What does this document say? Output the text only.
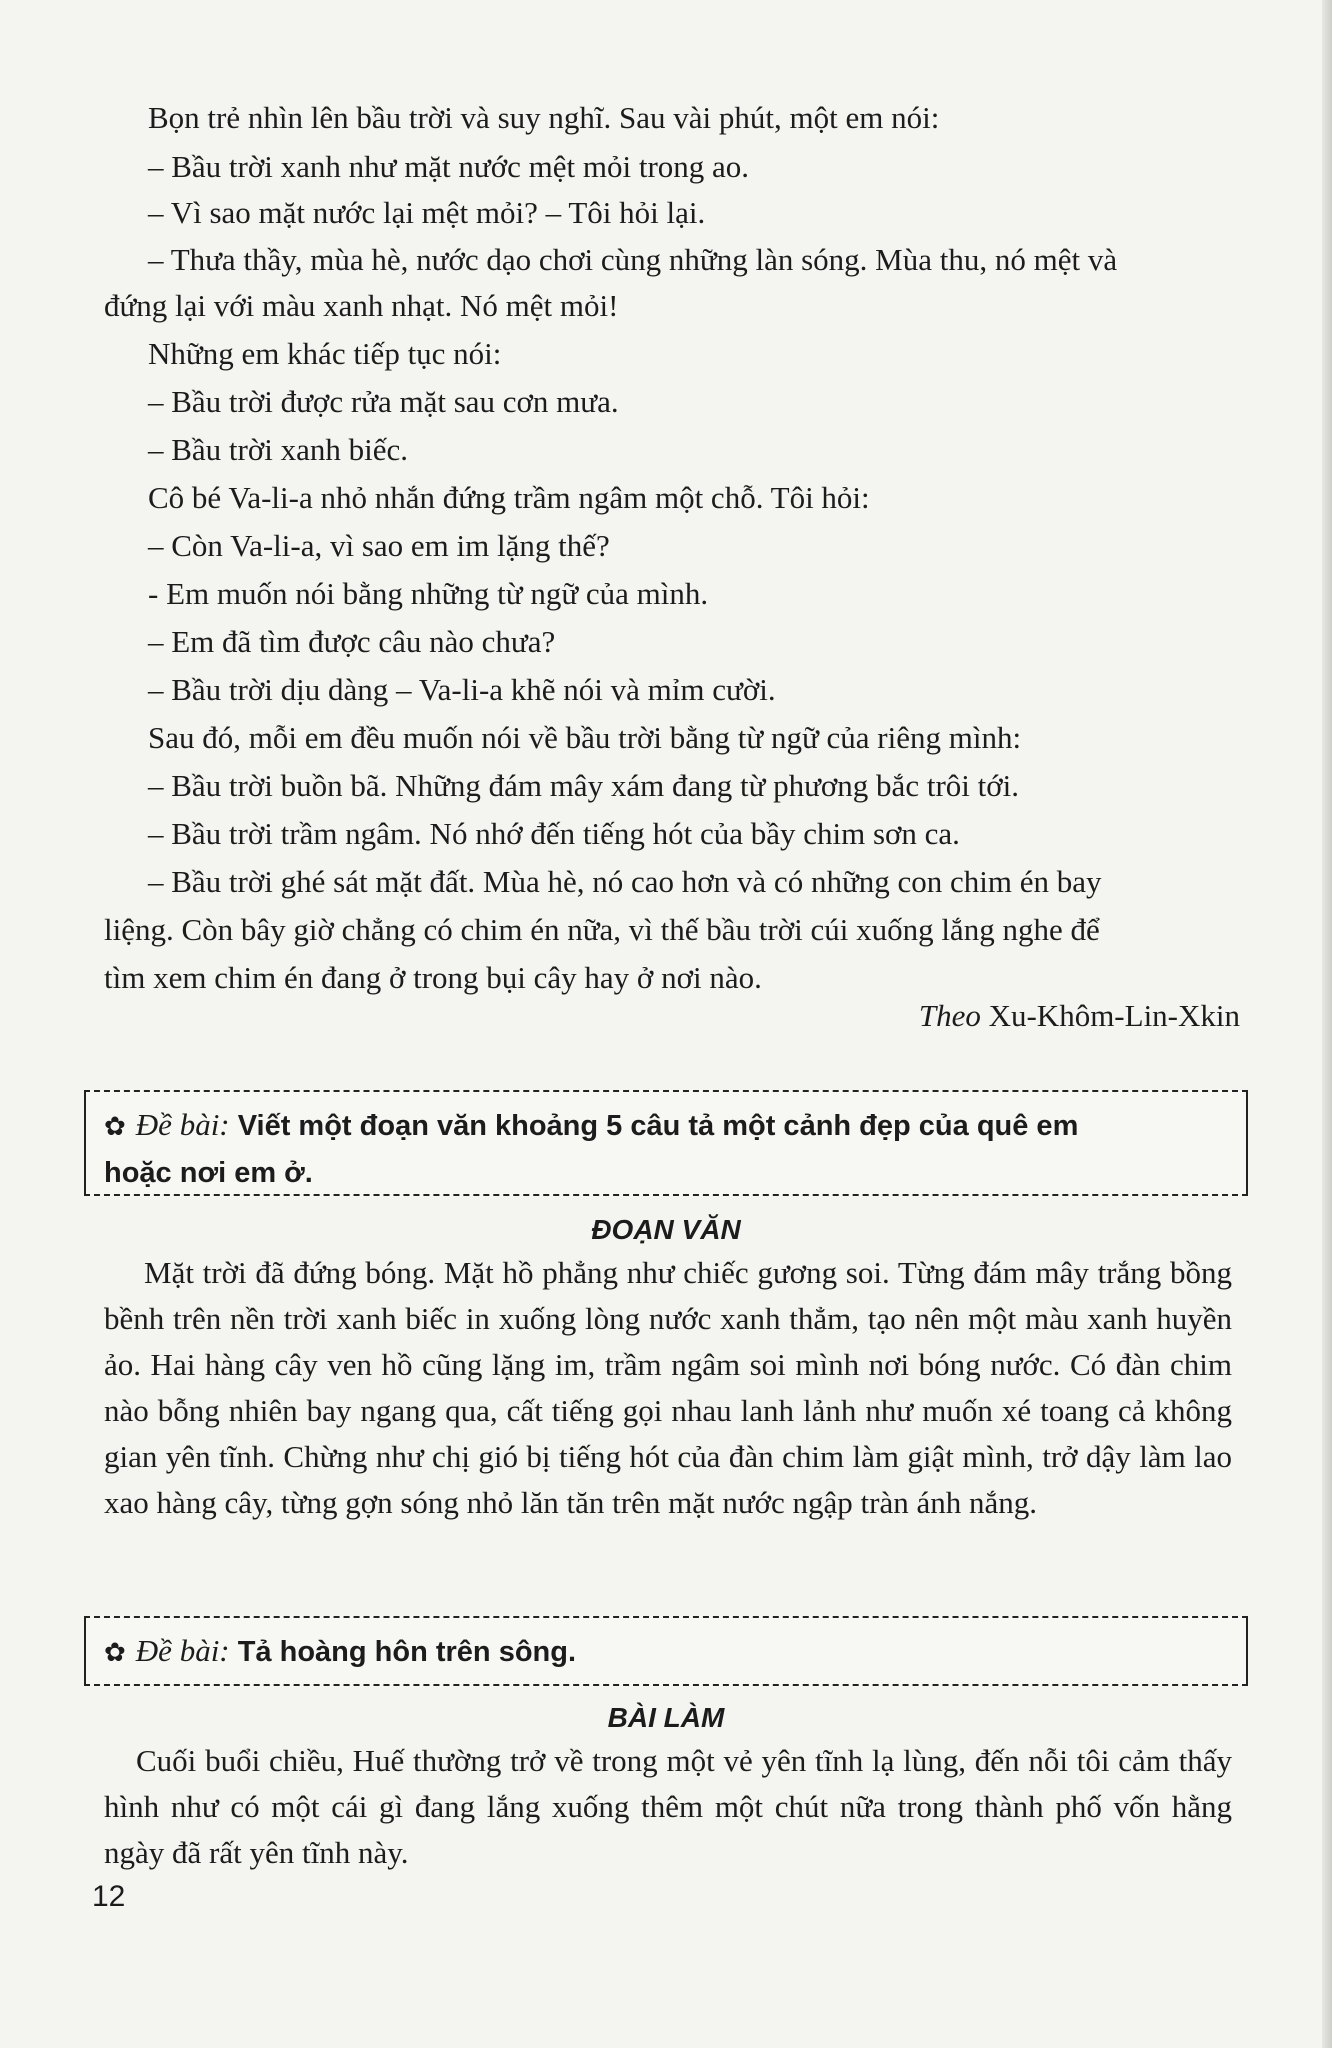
Bọn trẻ nhìn lên bầu trời và suy nghĩ. Sau vài phút, một em nói:
– Bầu trời xanh như mặt nước mệt mỏi trong ao.
– Vì sao mặt nước lại mệt mỏi? – Tôi hỏi lại.
– Thưa thầy, mùa hè, nước dạo chơi cùng những làn sóng. Mùa thu, nó mệt và
đứng lại với màu xanh nhạt. Nó mệt mỏi!
Những em khác tiếp tục nói:
– Bầu trời được rửa mặt sau cơn mưa.
– Bầu trời xanh biếc.
Cô bé Va-li-a nhỏ nhắn đứng trầm ngâm một chỗ. Tôi hỏi:
– Còn Va-li-a, vì sao em im lặng thế?
- Em muốn nói bằng những từ ngữ của mình.
– Em đã tìm được câu nào chưa?
– Bầu trời dịu dàng – Va-li-a khẽ nói và mỉm cười.
Sau đó, mỗi em đều muốn nói về bầu trời bằng từ ngữ của riêng mình:
– Bầu trời buồn bã. Những đám mây xám đang từ phương bắc trôi tới.
– Bầu trời trầm ngâm. Nó nhớ đến tiếng hót của bầy chim sơn ca.
– Bầu trời ghé sát mặt đất. Mùa hè, nó cao hơn và có những con chim én bay
liệng. Còn bây giờ chẳng có chim én nữa, vì thế bầu trời cúi xuống lắng nghe để
tìm xem chim én đang ở trong bụi cây hay ở nơi nào.
Theo Xu-Khôm-Lin-Xkin
✿ Đề bài: Viết một đoạn văn khoảng 5 câu tả một cảnh đẹp của quê em
hoặc nơi em ở.
ĐOẠN VĂN
Mặt trời đã đứng bóng. Mặt hồ phẳng như chiếc gương soi. Từng đám mây trắng bồng bềnh trên nền trời xanh biếc in xuống lòng nước xanh thẳm, tạo nên một màu xanh huyền ảo. Hai hàng cây ven hồ cũng lặng im, trầm ngâm soi mình nơi bóng nước. Có đàn chim nào bỗng nhiên bay ngang qua, cất tiếng gọi nhau lanh lảnh như muốn xé toang cả không gian yên tĩnh. Chừng như chị gió bị tiếng hót của đàn chim làm giật mình, trở dậy làm lao xao hàng cây, từng gợn sóng nhỏ lăn tăn trên mặt nước ngập tràn ánh nắng.
✿ Đề bài: Tả hoàng hôn trên sông.
BÀI LÀM
Cuối buổi chiều, Huế thường trở về trong một vẻ yên tĩnh lạ lùng, đến nỗi tôi cảm thấy hình như có một cái gì đang lắng xuống thêm một chút nữa trong thành phố vốn hằng ngày đã rất yên tĩnh này.
12
